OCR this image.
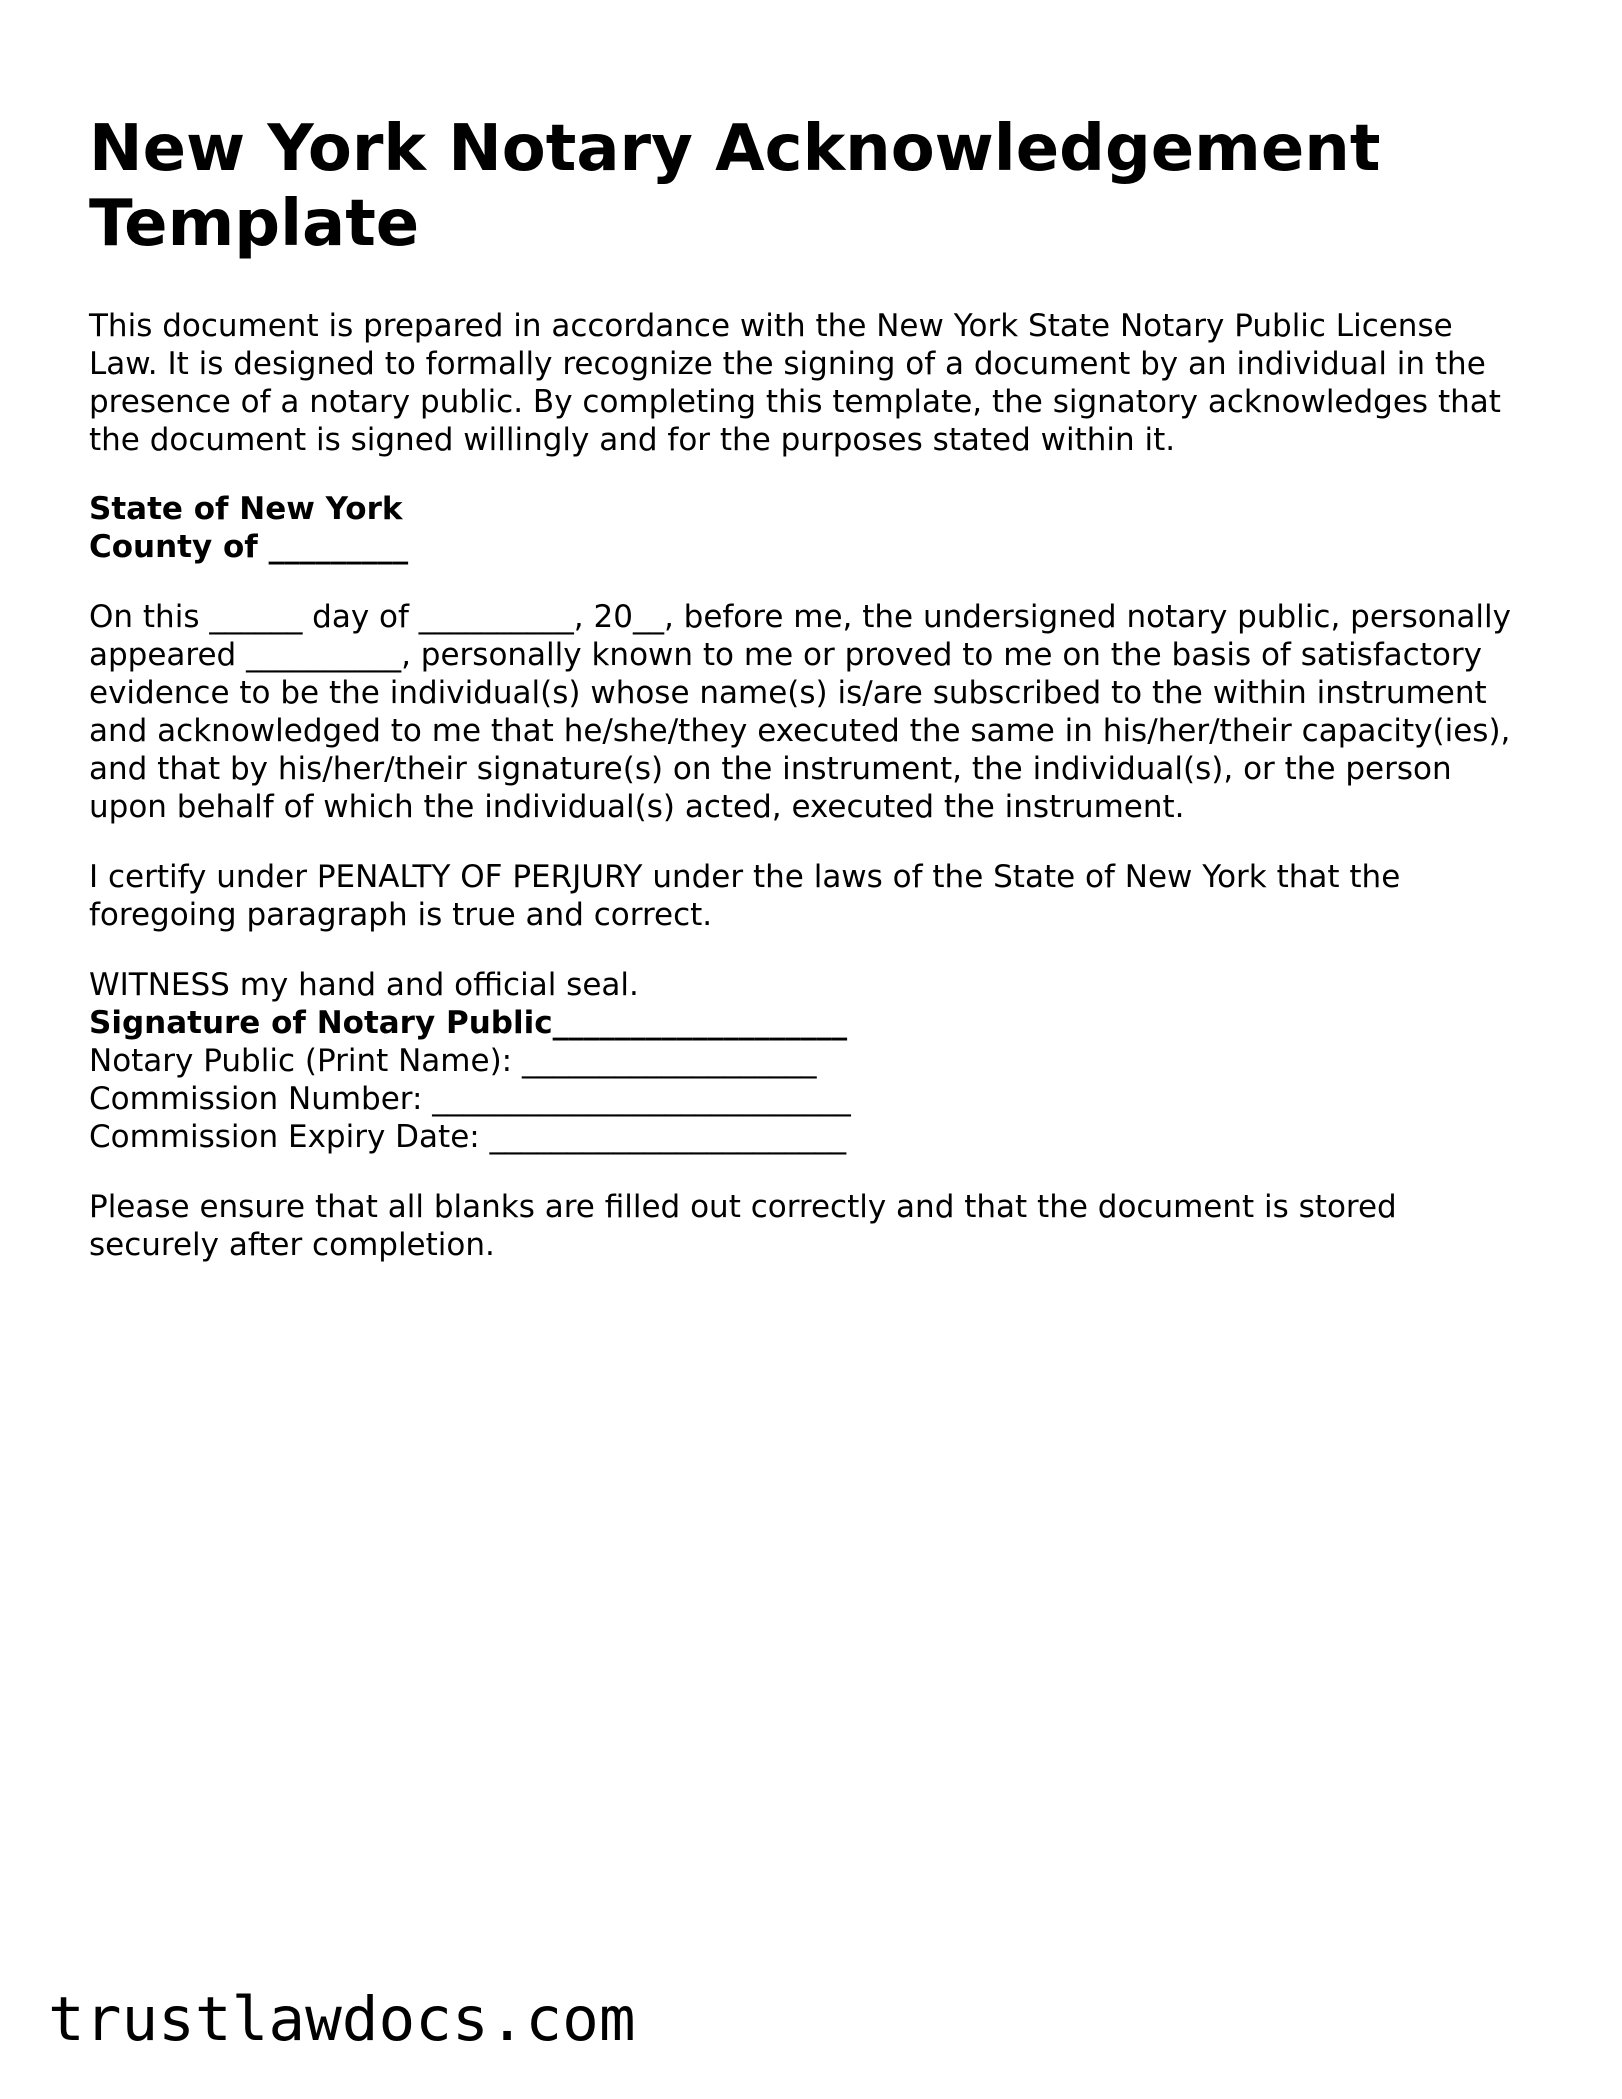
New York Notary Acknowledgement Template

This document is prepared in accordance with the New York State Notary Public License Law. It is designed to formally recognize the signing of a document by an individual in the presence of a notary public. By completing this template, the signatory acknowledges that the document is signed willingly and for the purposes stated within it.

State of New York
County of _________

On this ______ day of __________, 20__, before me, the undersigned notary public, personally appeared __________, personally known to me or proved to me on the basis of satisfactory evidence to be the individual(s) whose name(s) is/are subscribed to the within instrument and acknowledged to me that he/she/they executed the same in his/her/their capacity(ies), and that by his/her/their signature(s) on the instrument, the individual(s), or the person upon behalf of which the individual(s) acted, executed the instrument.

I certify under PENALTY OF PERJURY under the laws of the State of New York that the foregoing paragraph is true and correct.

WITNESS my hand and official seal.
Signature of Notary Public___________________
Notary Public (Print Name): ___________________
Commission Number: ___________________________
Commission Expiry Date: _______________________

Please ensure that all blanks are filled out correctly and that the document is stored securely after completion.

trustlawdocs.com
